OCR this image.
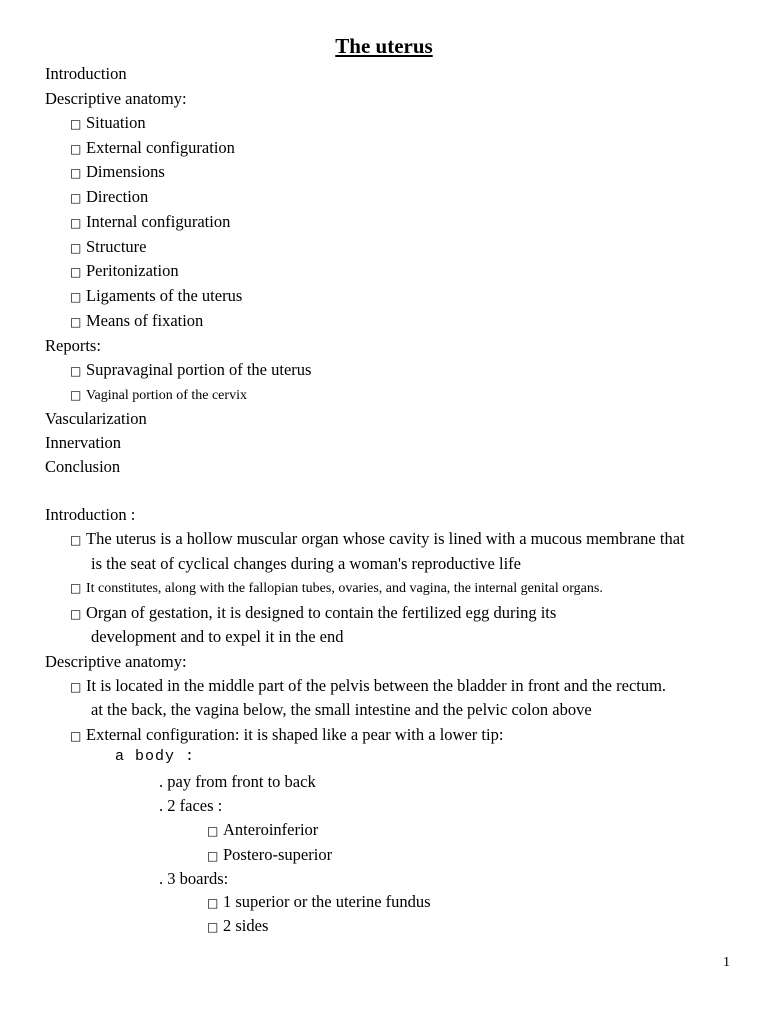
The uterus
Introduction
Descriptive anatomy:
□ Situation
□ External configuration
□ Dimensions
□ Direction
□ Internal configuration
□ Structure
□ Peritonization
□ Ligaments of the uterus
□ Means of fixation
Reports:
□ Supravaginal portion of the uterus
□ Vaginal portion of the cervix
Vascularization
Innervation
Conclusion
Introduction :
□ The uterus is a hollow muscular organ whose cavity is lined with a mucous membrane that
is the seat of cyclical changes during a woman's reproductive life
□ It constitutes, along with the fallopian tubes, ovaries, and vagina, the internal genital organs.
□ Organ of gestation, it is designed to contain the fertilized egg during its
development and to expel it in the end
Descriptive anatomy:
□ It is located in the middle part of the pelvis between the bladder in front and the rectum.
at the back, the vagina below, the small intestine and the pelvic colon above
□ External configuration: it is shaped like a pear with a lower tip:
a body :
. pay from front to back
. 2 faces :
□ Anteroinferior
□ Postero-superior
. 3 boards:
□ 1 superior or the uterine fundus
□ 2 sides
1
